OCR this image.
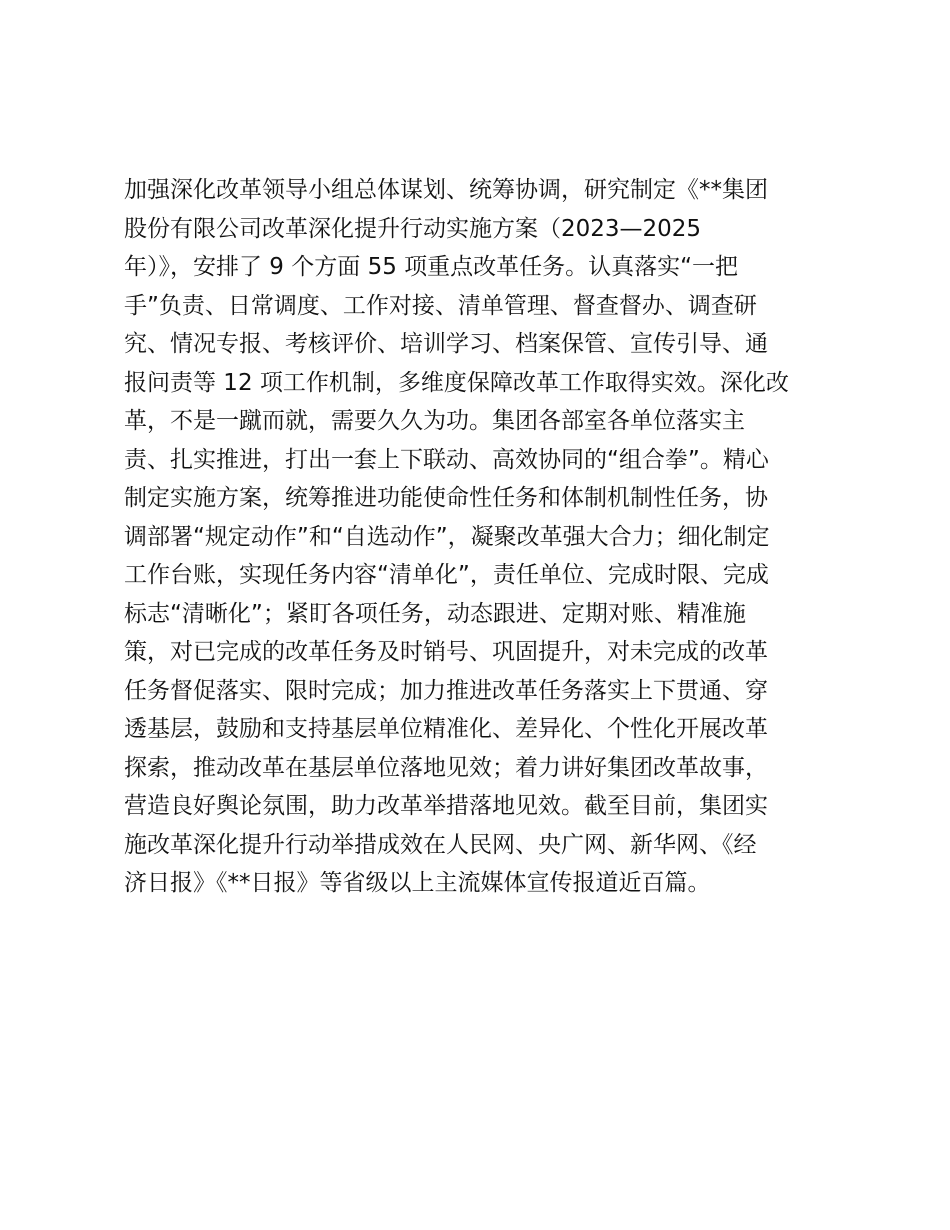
加强深化改革领导小组总体谋划、统筹协调，研究制定《**集团
股份有限公司改革深化提升行动实施方案（2023—2025
年）》，安排了 9 个方面 55 项重点改革任务。认真落实“一把
手”负责、日常调度、工作对接、清单管理、督查督办、调查研
究、情况专报、考核评价、培训学习、档案保管、宣传引导、通
报问责等 12 项工作机制，多维度保障改革工作取得实效。深化改
革，不是一蹴而就，需要久久为功。集团各部室各单位落实主
责、扎实推进，打出一套上下联动、高效协同的“组合拳”。精心
制定实施方案，统筹推进功能使命性任务和体制机制性任务，协
调部署“规定动作”和“自选动作”，凝聚改革强大合力；细化制定
工作台账，实现任务内容“清单化”，责任单位、完成时限、完成
标志“清晰化”；紧盯各项任务，动态跟进、定期对账、精准施
策，对已完成的改革任务及时销号、巩固提升，对未完成的改革
任务督促落实、限时完成；加力推进改革任务落实上下贯通、穿
透基层，鼓励和支持基层单位精准化、差异化、个性化开展改革
探索，推动改革在基层单位落地见效；着力讲好集团改革故事，
营造良好舆论氛围，助力改革举措落地见效。截至目前，集团实
施改革深化提升行动举措成效在人民网、央广网、新华网、《经
济日报》《**日报》等省级以上主流媒体宣传报道近百篇。
